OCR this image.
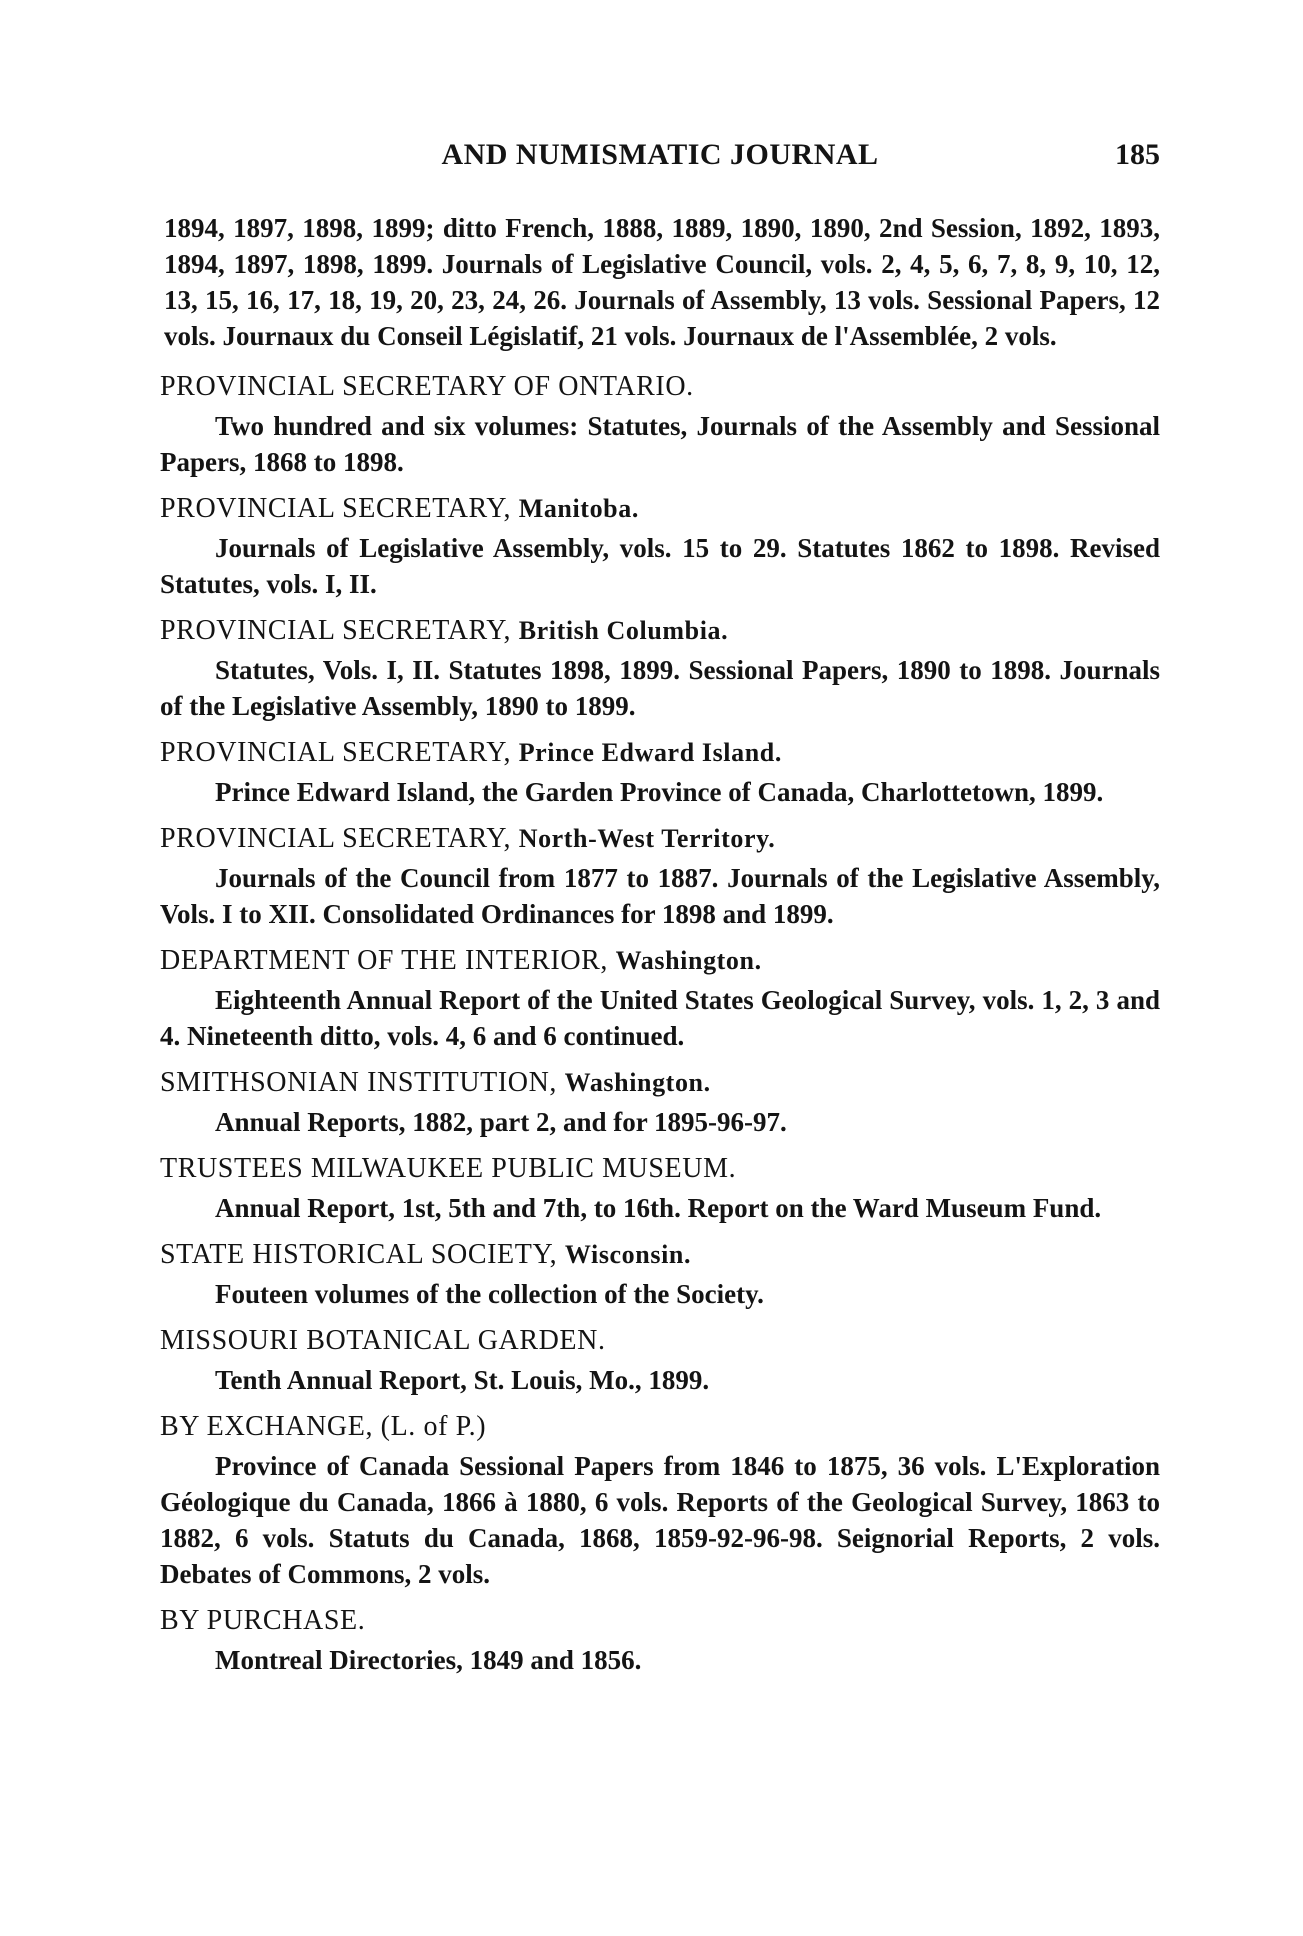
AND NUMISMATIC JOURNAL	185

1894, 1897, 1898, 1899; ditto French, 1888, 1889, 1890, 1890, 2nd Session, 1892, 1893, 1894, 1897, 1898, 1899. Journals of Legislative Council, vols. 2, 4, 5, 6, 7, 8, 9, 10, 12, 13, 15, 16, 17, 18, 19, 20, 23, 24, 26. Journals of Assembly, 13 vols. Sessional Papers, 12 vols. Journaux du Conseil Législatif, 21 vols. Journaux de l'Assemblée, 2 vols.

PROVINCIAL SECRETARY OF ONTARIO.

Two hundred and six volumes: Statutes, Journals of the Assembly and Sessional Papers, 1868 to 1898.

PROVINCIAL SECRETARY, Manitoba.

Journals of Legislative Assembly, vols. 15 to 29. Statutes 1862 to 1898. Revised Statutes, vols. I, II.

PROVINCIAL SECRETARY, British Columbia.

Statutes, Vols. I, II. Statutes 1898, 1899. Sessional Papers, 1890 to 1898. Journals of the Legislative Assembly, 1890 to 1899.

PROVINCIAL SECRETARY, Prince Edward Island.

Prince Edward Island, the Garden Province of Canada, Charlottetown, 1899.

PROVINCIAL SECRETARY, North-West Territory.

Journals of the Council from 1877 to 1887. Journals of the Legislative Assembly, Vols. I to XII. Consolidated Ordinances for 1898 and 1899.

DEPARTMENT OF THE INTERIOR, Washington.

Eighteenth Annual Report of the United States Geological Survey, vols. 1, 2, 3 and 4. Nineteenth ditto, vols. 4, 6 and 6 continued.

SMITHSONIAN INSTITUTION, Washington.

Annual Reports, 1882, part 2, and for 1895-96-97.

TRUSTEES MILWAUKEE PUBLIC MUSEUM.

Annual Report, 1st, 5th and 7th, to 16th. Report on the Ward Museum Fund.

STATE HISTORICAL SOCIETY, Wisconsin.

Fouteen volumes of the collection of the Society.

MISSOURI BOTANICAL GARDEN.

Tenth Annual Report, St. Louis, Mo., 1899.

BY EXCHANGE, (L. of P.)

Province of Canada Sessional Papers from 1846 to 1875, 36 vols. L'Exploration Géologique du Canada, 1866 à 1880, 6 vols. Reports of the Geological Survey, 1863 to 1882, 6 vols. Statuts du Canada, 1868, 1859-92-96-98. Seignorial Reports, 2 vols. Debates of Commons, 2 vols.

BY PURCHASE.

Montreal Directories, 1849 and 1856.
